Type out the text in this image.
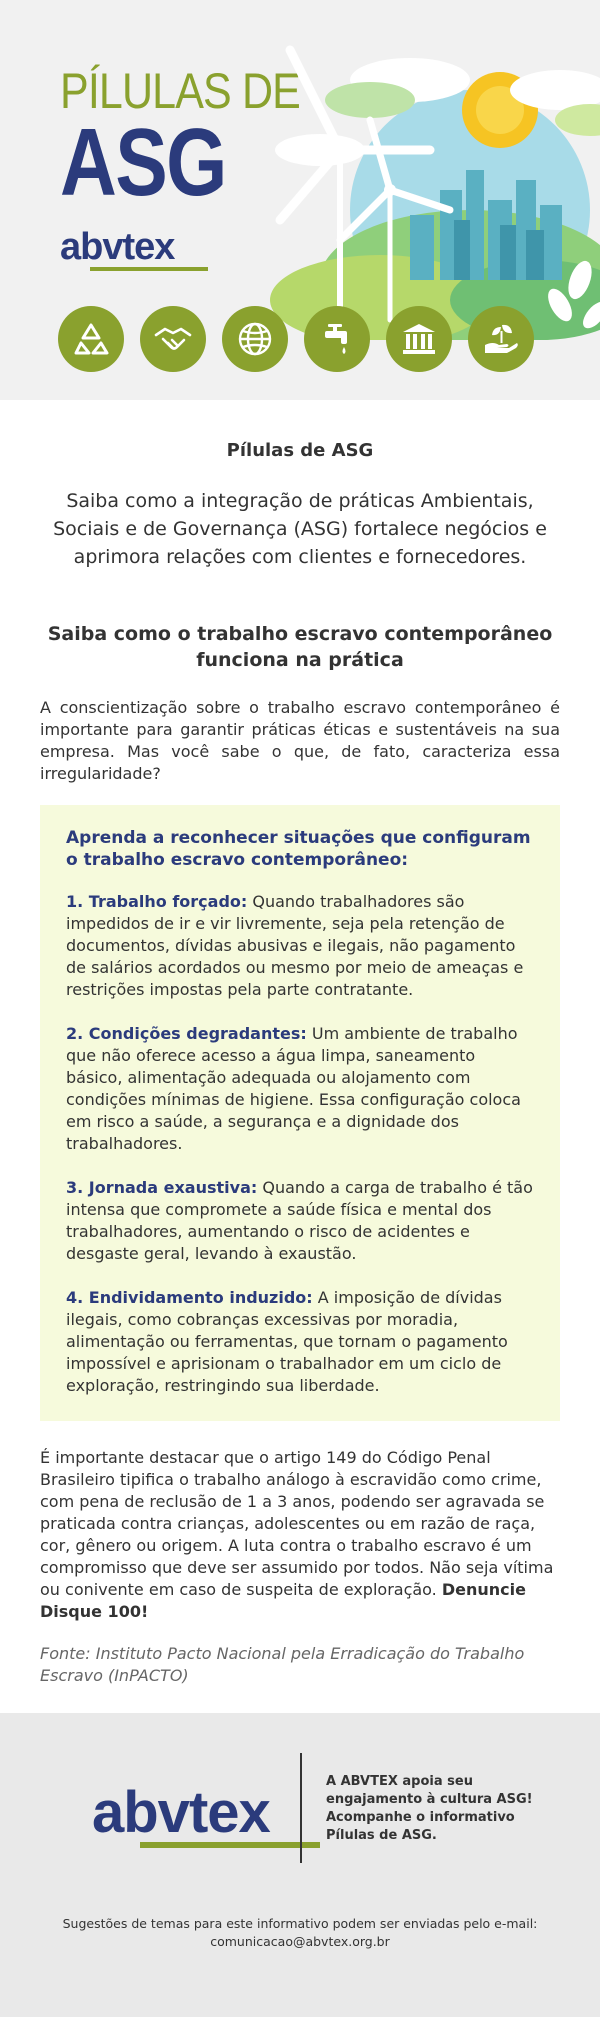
PÍLULAS DE
ASG
abvtex
Pílulas de ASG

Saiba como a integração de práticas Ambientais, Sociais e de Governança (ASG) fortalece negócios e aprimora relações com clientes e fornecedores.

Saiba como o trabalho escravo contemporâneo funciona na prática

A conscientização sobre o trabalho escravo contemporâneo é importante para garantir práticas éticas e sustentáveis na sua empresa. Mas você sabe o que, de fato, caracteriza essa irregularidade?

Aprenda a reconhecer situações que configuram o trabalho escravo contemporâneo:

1. Trabalho forçado: Quando trabalhadores são impedidos de ir e vir livremente, seja pela retenção de documentos, dívidas abusivas e ilegais, não pagamento de salários acordados ou mesmo por meio de ameaças e restrições impostas pela parte contratante.

2. Condições degradantes: Um ambiente de trabalho que não oferece acesso a água limpa, saneamento básico, alimentação adequada ou alojamento com condições mínimas de higiene. Essa configuração coloca em risco a saúde, a segurança e a dignidade dos trabalhadores.

3. Jornada exaustiva: Quando a carga de trabalho é tão intensa que compromete a saúde física e mental dos trabalhadores, aumentando o risco de acidentes e desgaste geral, levando à exaustão.

4. Endividamento induzido: A imposição de dívidas ilegais, como cobranças excessivas por moradia, alimentação ou ferramentas, que tornam o pagamento impossível e aprisionam o trabalhador em um ciclo de exploração, restringindo sua liberdade.

É importante destacar que o artigo 149 do Código Penal Brasileiro tipifica o trabalho análogo à escravidão como crime, com pena de reclusão de 1 a 3 anos, podendo ser agravada se praticada contra crianças, adolescentes ou em razão de raça, cor, gênero ou origem. A luta contra o trabalho escravo é um compromisso que deve ser assumido por todos. Não seja vítima ou conivente em caso de suspeita de exploração. Denuncie Disque 100!

Fonte: Instituto Pacto Nacional pela Erradicação do Trabalho Escravo (InPACTO)

abvtex	A ABVTEX apoia seu engajamento à cultura ASG! Acompanhe o informativo Pílulas de ASG.

Sugestões de temas para este informativo podem ser enviadas pelo e-mail: comunicacao@abvtex.org.br
